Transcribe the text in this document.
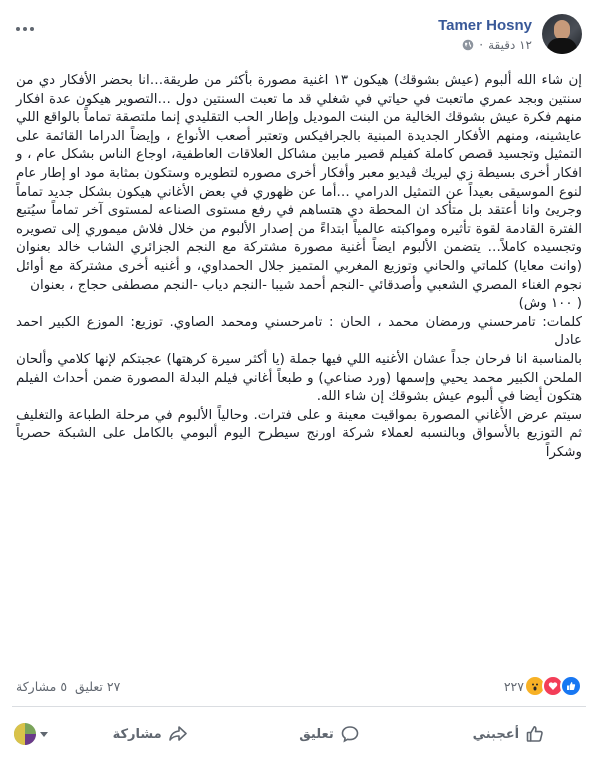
Tamer Hosny
· ١٢ دقيقة

إن شاء الله ألبوم (عيش بشوقك) هيكون ١٣ اغنية مصورة بأكثر من طريقة…انا بحضر الأفكار دي من سنتين وبجد عمري ماتعبت في حياتي في شغلي قد ما تعبت السنتين دول …التصوير هيكون عدة افكار منهم فكرة عيش بشوقك الخالية من البنت الموديل وإطار الحب التقليدي إنما ملتصقة تماماً بالواقع اللي عايشينه، ومنهم الأفكار الجديدة المبنية بالجرافيكس وتعتبر أصعب الأنواع ، وإيضاً الدراما القائمة على التمثيل وتجسيد قصص كاملة كفيلم قصير مابين مشاكل العلاقات العاطفية، اوجاع الناس بشكل عام ، و افكار أخرى بسيطة زي ليريك ڤيديو معبر وأفكار أخرى مصوره لتطويره وستكون بمثابة مود او إطار عام لنوع الموسيقى بعيداً عن التمثيل الدرامي …أما عن ظهوري في بعض الأغاني هيكون بشكل جديد تماماً وجريئ وانا أعتقد بل متأكد ان المحطة دي هتساهم في رفع مستوى الصناعه لمستوى آخر تماماً سيُتبع الفترة القادمة لقوة تأثيره ومواكبته عالمياً ابتداءً من إصدار الألبوم من خلال فلاش ميموري إلى تصويره وتجسيده كاملاً… يتضمن الألبوم ايضاً أغنية مصورة مشتركة مع النجم الجزائري الشاب خالد بعنوان (وانت معايا) كلماتي والحاني وتوزيع المغربي المتميز جلال الحمداوي، و أغنيه أخرى مشتركة مع أوائل نجوم الغناء المصري الشعبي وأصدقائي -النجم أحمد شيبا -النجم دياب -النجم مصطفى حجاج ، بعنوان

( ١٠٠ وش)

كلمات: تامرحسني ورمضان محمد ، الحان : تامرحسني ومحمد الصاوي. توزيع: الموزع الكبير احمد عادل

بالمناسبة انا فرحان جداً عشان الأغنيه اللي فيها جملة (يا أكثر سيرة كرهتها) عجبتكم لإنها كلامي وألحان الملحن الكبير محمد يحيي وإسمها (ورد صناعي) و طبعاً أغاني فيلم البدلة المصورة ضمن أحداث الفيلم هتكون أيضا في ألبوم عيش بشوقك إن شاء الله.

سيتم عرض الأغاني المصورة بمواقيت معينة و على فترات. وحالياً الألبوم في مرحلة الطباعة والتغليف ثم التوزيع بالأسواق وبالنسبه لعملاء شركة اورنج سيطرح اليوم ألبومي بالكامل على الشبكة حصرياً وشكراً

٢٧ تعليق
٥ مشاركة	٢٢٧
مشاركة	تعليق	أعجبني
